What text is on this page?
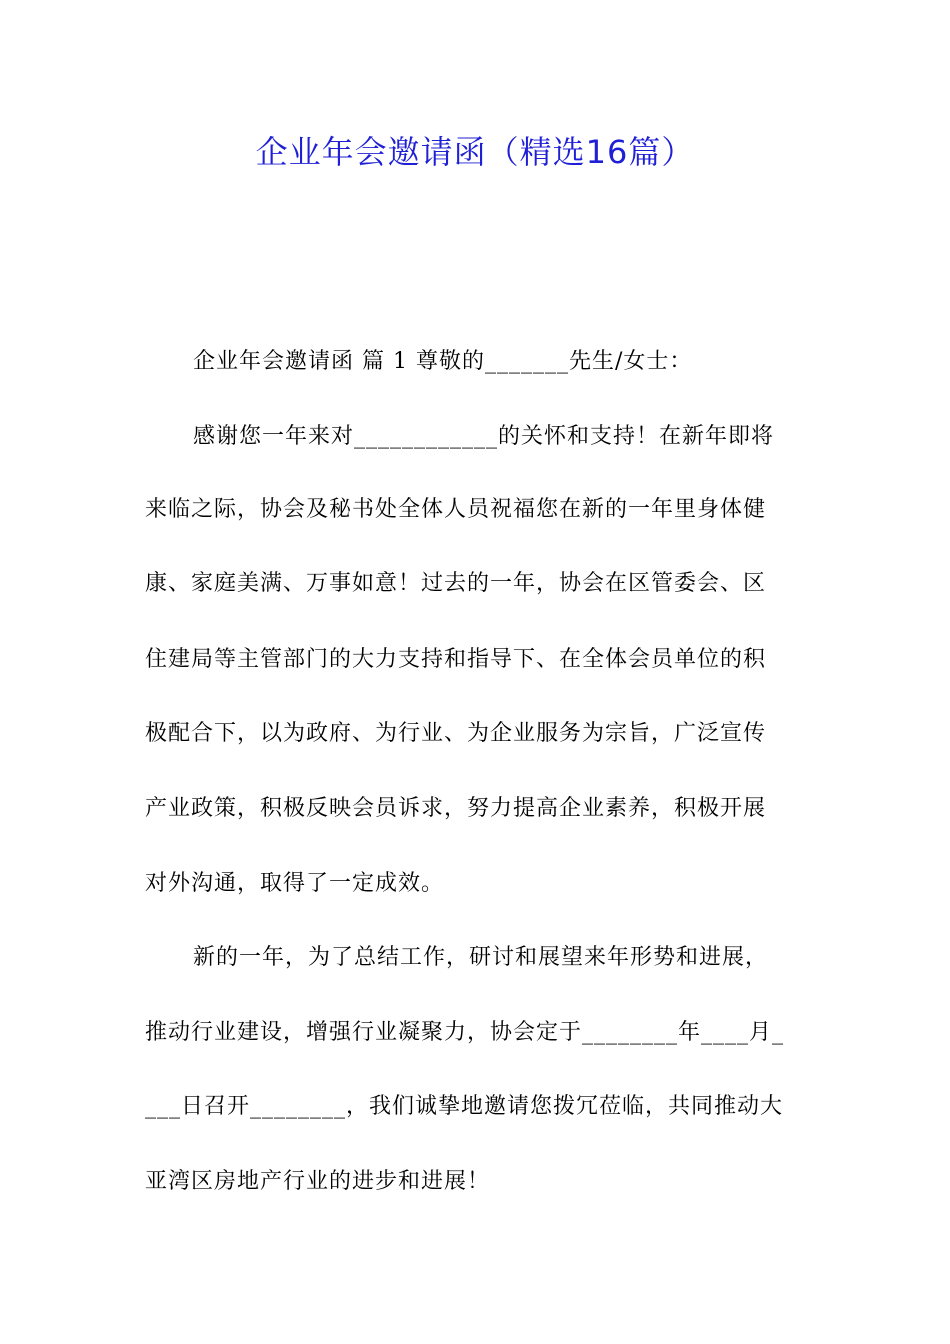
企业年会邀请函（精选16篇）
企业年会邀请函 篇 1 尊敬的_______先生/女士：
感谢您一年来对____________的关怀和支持！在新年即将
来临之际，协会及秘书处全体人员祝福您在新的一年里身体健
康、家庭美满、万事如意！过去的一年，协会在区管委会、区
住建局等主管部门的大力支持和指导下、在全体会员单位的积
极配合下，以为政府、为行业、为企业服务为宗旨，广泛宣传
产业政策，积极反映会员诉求，努力提高企业素养，积极开展
对外沟通，取得了一定成效。
新的一年，为了总结工作，研讨和展望来年形势和进展，
推动行业建设，增强行业凝聚力，协会定于________年____月_
___日召开________，我们诚挚地邀请您拨冗莅临，共同推动大
亚湾区房地产行业的进步和进展！
